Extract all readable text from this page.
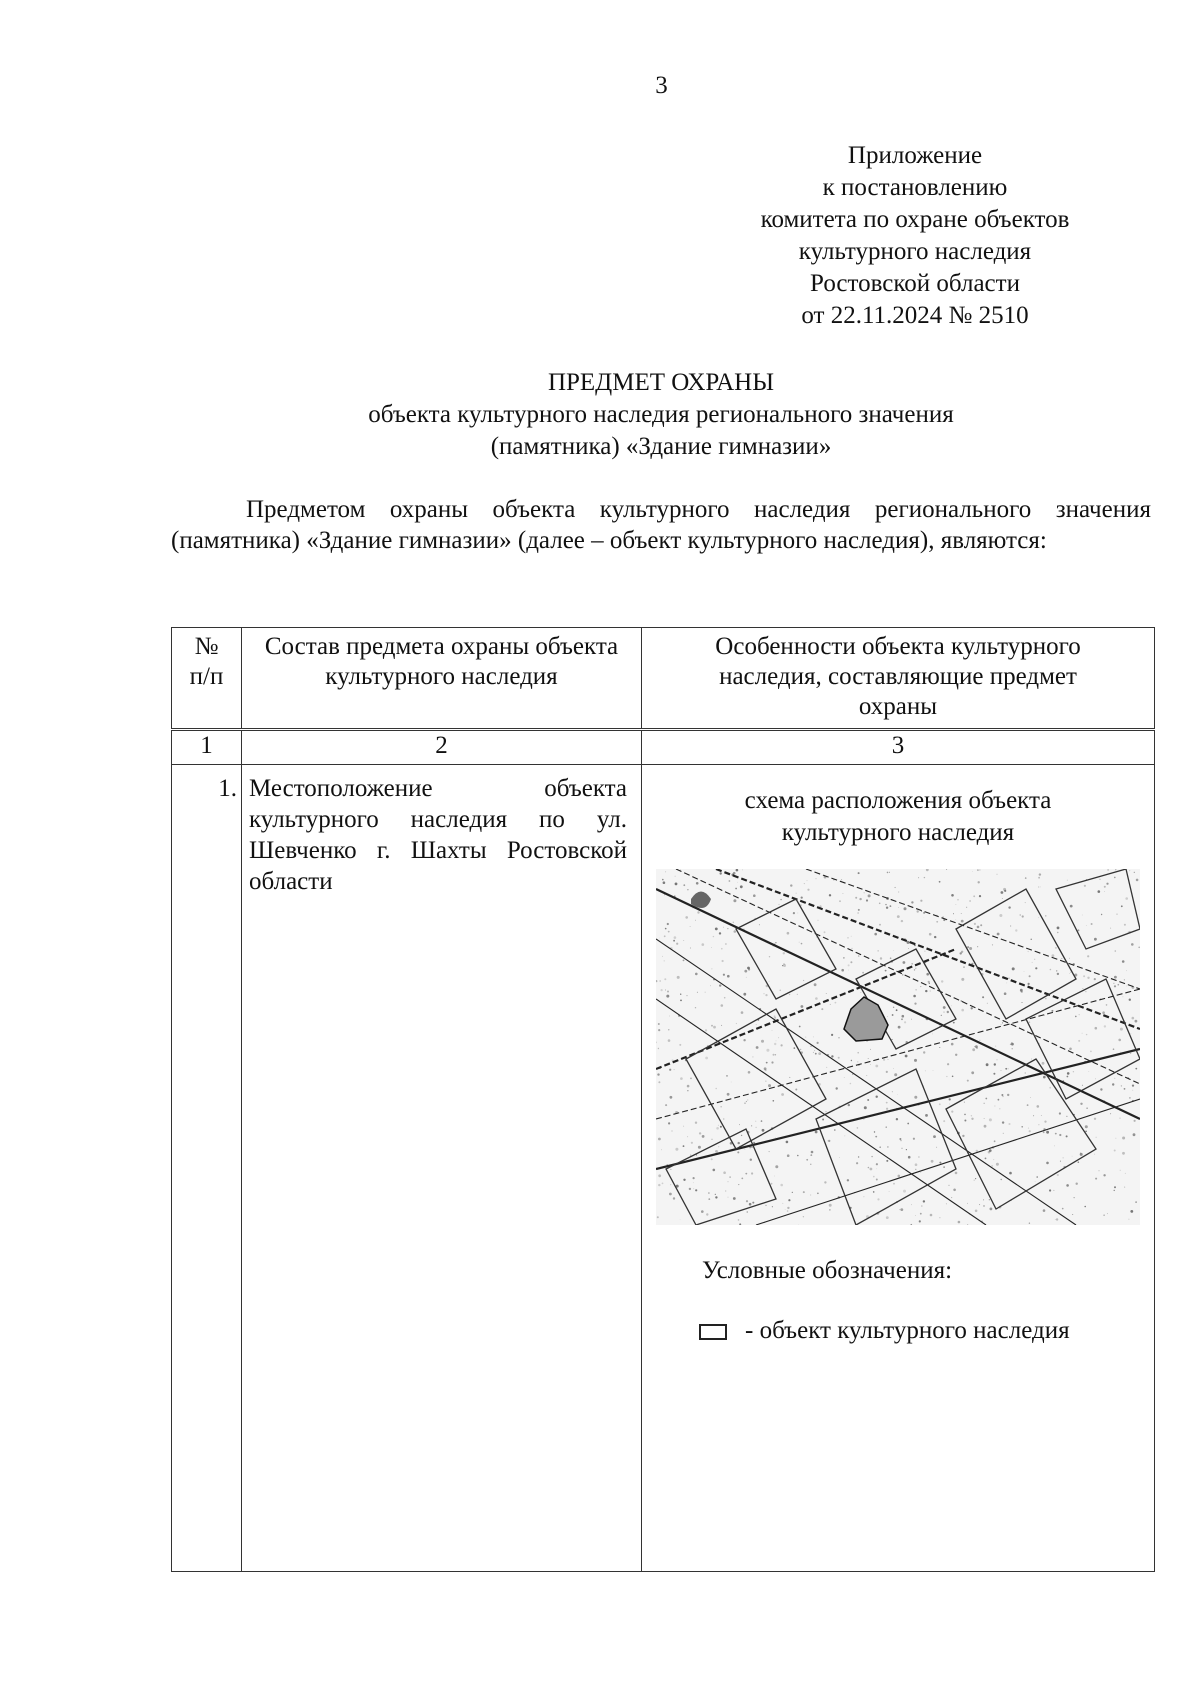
3
Приложение
к постановлению
комитета по охране объектов
культурного наследия
Ростовской области
от 22.11.2024 № 2510
ПРЕДМЕТ ОХРАНЫ
объекта культурного наследия регионального значения
(памятника) «Здание гимназии»
Предметом охраны объекта культурного наследия регионального значения (памятника) «Здание гимназии» (далее – объект культурного наследия), являются:
№ п/п	Состав предмета охраны объекта культурного наследия	Особенности объекта культурного наследия, составляющие предмет охраны
1	2	3
1.	Местоположение объекта культурного наследия по ул. Шевченко г. Шахты Ростовской области	схема расположения объекта культурного наследия
Условные обозначения:
- объект культурного наследия
